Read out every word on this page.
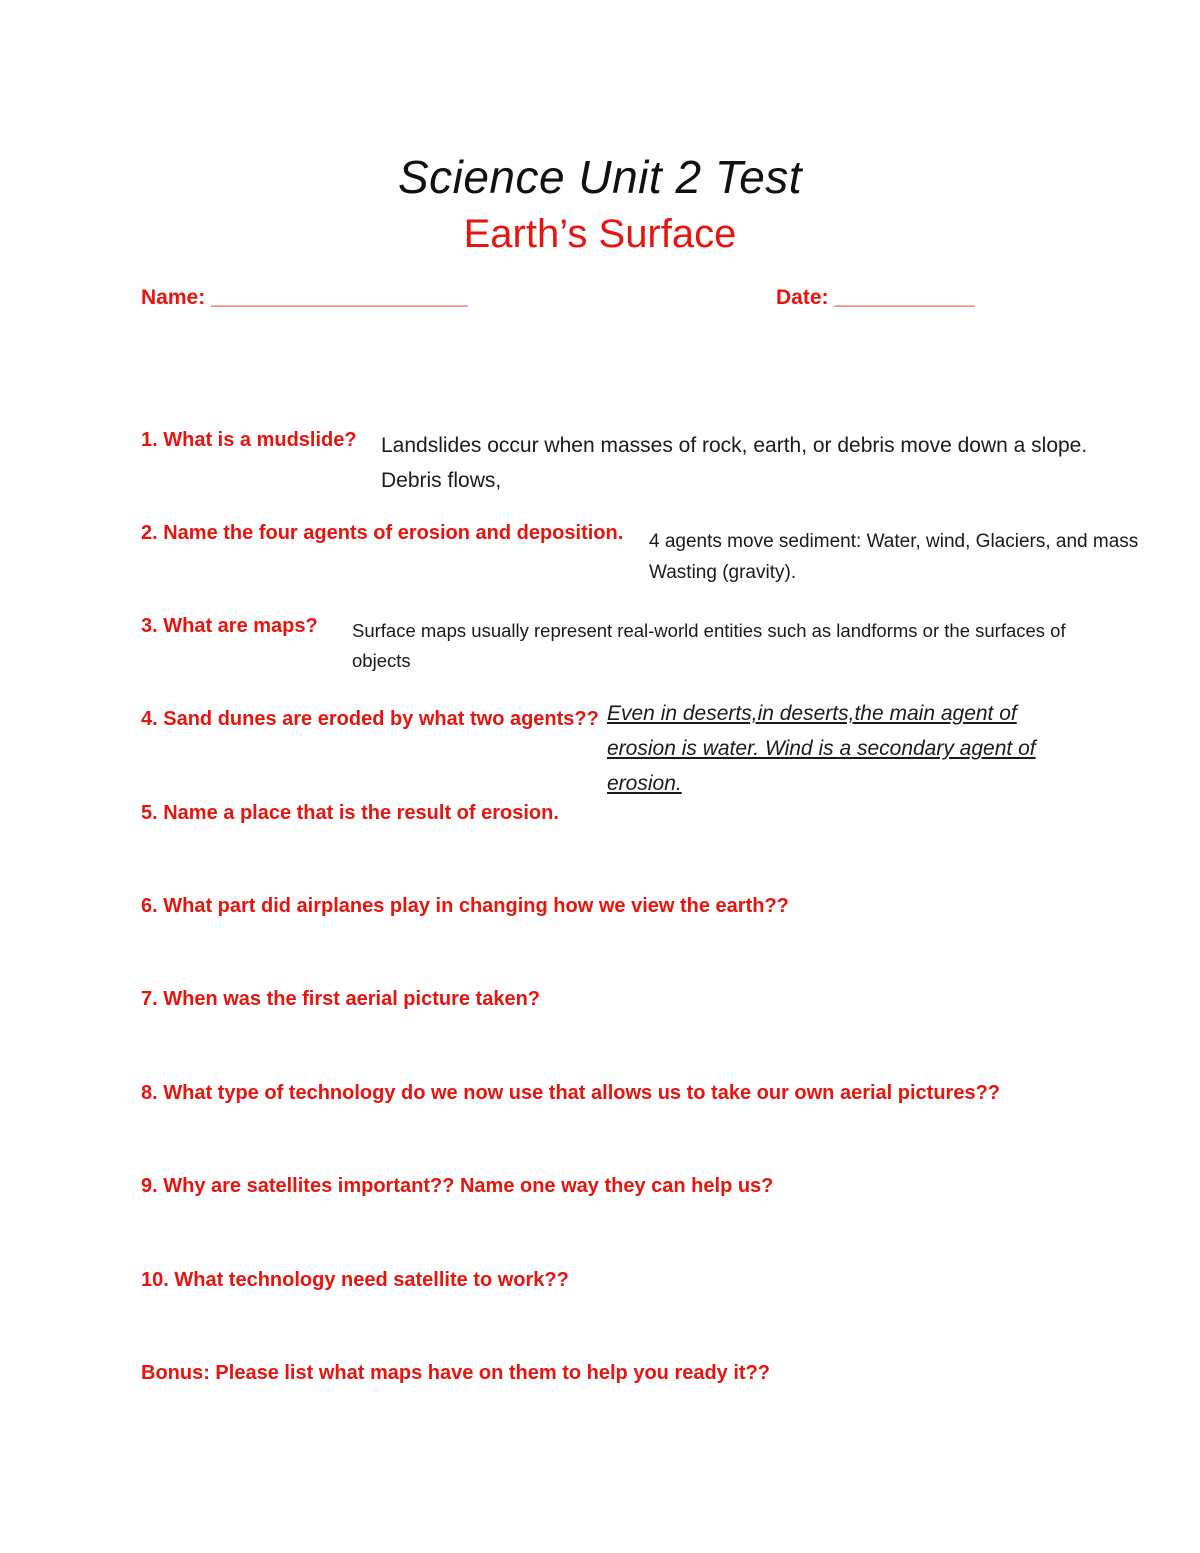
Science Unit 2 Test
Earth’s Surface
Name: ______________________	Date: ____________
1. What is a mudslide?
2. Name the four agents of erosion and deposition.
3. What are maps?
4. Sand dunes are eroded by what two agents??
5. Name a place that is the result of erosion.
6. What part did airplanes play in changing how we view the earth??
7. When was the first aerial picture taken?
8. What type of technology do we now use that allows us to take our own aerial pictures??
9. Why are satellites important?? Name one way they can help us?
10. What technology need satellite to work??
Bonus: Please list what maps have on them to help you ready it??
Landslides occur when masses of rock, earth, or debris move down a slope.
Debris flows,
4 agents move sediment: Water, wind, Glaciers, and mass
Wasting (gravity).
Surface maps usually represent real-world entities such as landforms or the surfaces of
objects
Even in deserts,in deserts,the main agent of
erosion is water. Wind is a secondary agent of
erosion.
